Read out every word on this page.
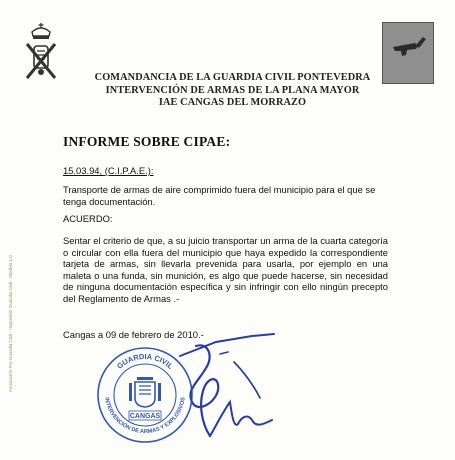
COMANDANCIA DE LA GUARDIA CIVIL PONTEVEDRA
INTERVENCIÓN DE ARMAS DE LA PLANA MAYOR
IAE CANGAS DEL MORRAZO
INFORME SOBRE CIPAE:
15.03.94, (C.I.P.A.E.):
Transporte de armas de aire comprimido fuera del municipio para el que se tenga documentación.
ACUERDO:
Sentar el criterio de que, a su juicio transportar un arma de la cuarta categoría o circular con ella fuera del municipio que haya expedido la correspondiente tarjeta de armas, sin llevarla prevenida para usarla, por ejemplo en una maleta o una funda, sin munición, es algo que puede hacerse, sin necesidad de ninguna documentación específica y sin infringir con ello ningún precepto del Reglamento de Armas .-
Cangas a 09 de febrero de 2010.-
Asociación Pro Guardia Civil - Impresión Guardia Civil - Modelo 1.0	GUARDIA CIVIL
INTERVENCIÓN DE ARMAS Y EXPLOSIVOS
CANGAS
